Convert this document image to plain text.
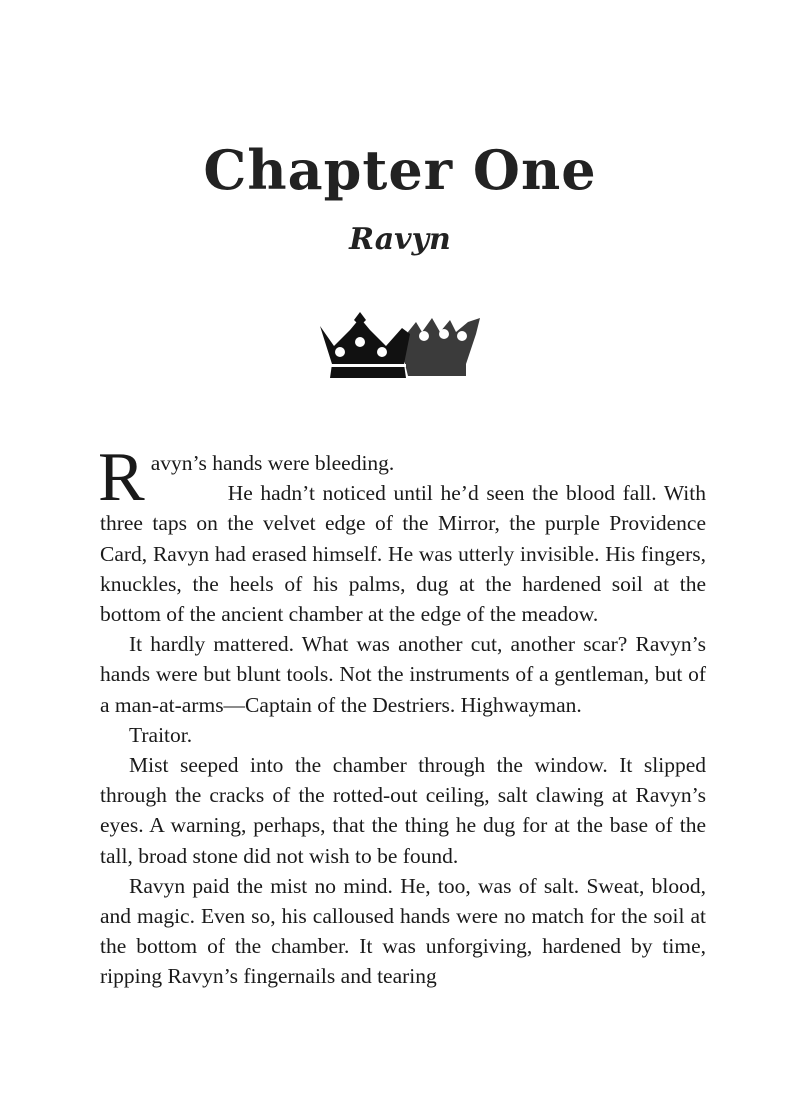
Chapter One
Ravyn

Ravyn’s hands were bleeding.

He hadn’t noticed until he’d seen the blood fall. With three taps on the velvet edge of the Mirror, the purple Providence Card, Ravyn had erased himself. He was utterly invisible. His fingers, knuckles, the heels of his palms, dug at the hardened soil at the bottom of the ancient chamber at the edge of the meadow.

It hardly mattered. What was another cut, another scar? Ravyn’s hands were but blunt tools. Not the instruments of a gentleman, but of a man-at-arms—Captain of the Destriers. Highwayman.

Traitor.

Mist seeped into the chamber through the window. It slipped through the cracks of the rotted-out ceiling, salt clawing at Ravyn’s eyes. A warning, perhaps, that the thing he dug for at the base of the tall, broad stone did not wish to be found.

Ravyn paid the mist no mind. He, too, was of salt. Sweat, blood, and magic. Even so, his calloused hands were no match for the soil at the bottom of the chamber. It was unforgiving, hardened by time, ripping Ravyn’s fingernails and tearing
